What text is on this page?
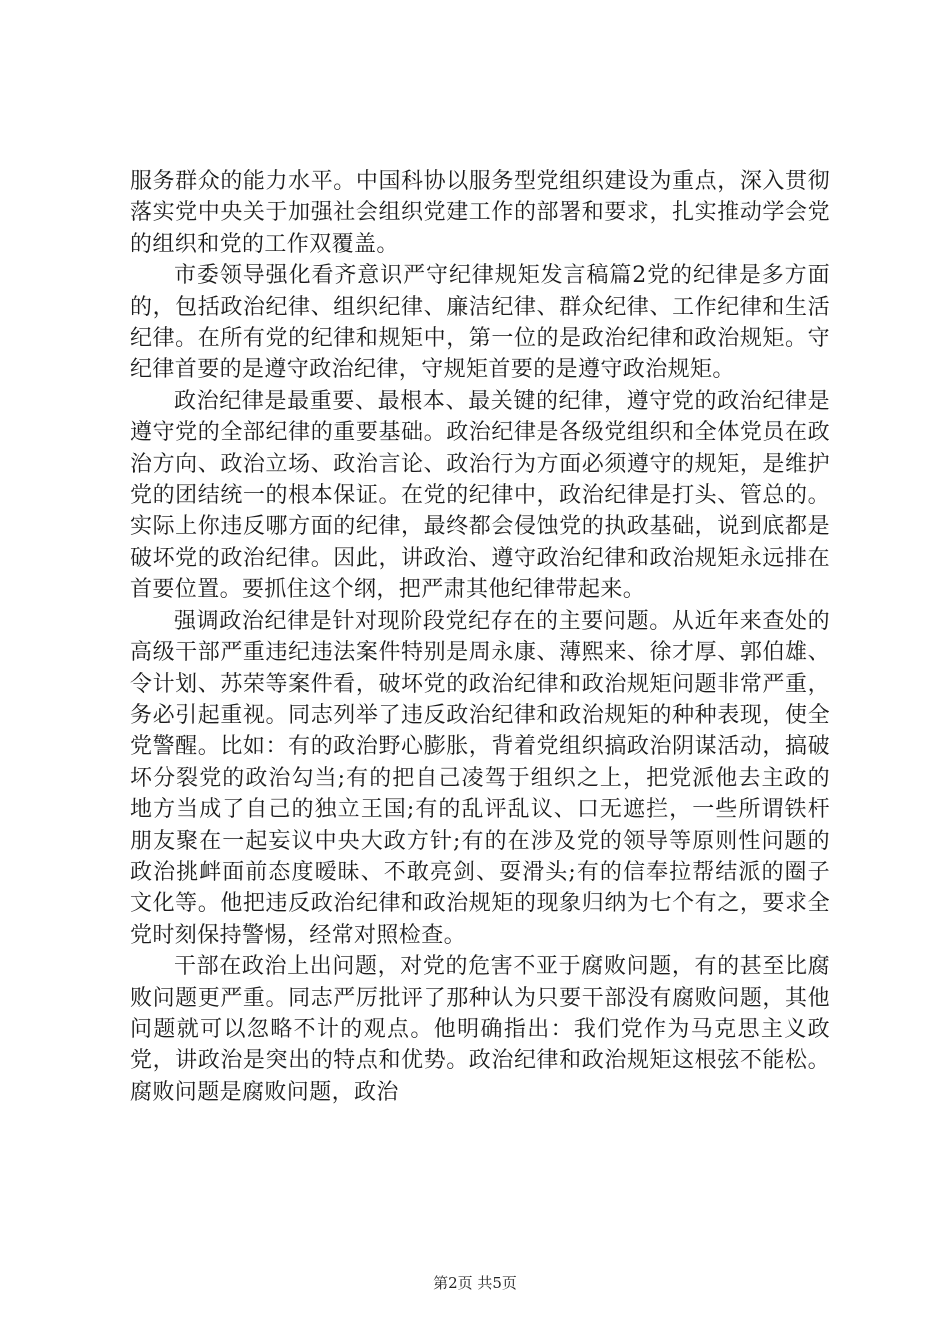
服务群众的能力水平。中国科协以服务型党组织建设为重点，深入贯彻落实党中央关于加强社会组织党建工作的部署和要求，扎实推动学会党的组织和党的工作双覆盖。

市委领导强化看齐意识严守纪律规矩发言稿篇2党的纪律是多方面的，包括政治纪律、组织纪律、廉洁纪律、群众纪律、工作纪律和生活纪律。在所有党的纪律和规矩中，第一位的是政治纪律和政治规矩。守纪律首要的是遵守政治纪律，守规矩首要的是遵守政治规矩。

政治纪律是最重要、最根本、最关键的纪律，遵守党的政治纪律是遵守党的全部纪律的重要基础。政治纪律是各级党组织和全体党员在政治方向、政治立场、政治言论、政治行为方面必须遵守的规矩，是维护党的团结统一的根本保证。在党的纪律中，政治纪律是打头、管总的。实际上你违反哪方面的纪律，最终都会侵蚀党的执政基础，说到底都是破坏党的政治纪律。因此，讲政治、遵守政治纪律和政治规矩永远排在首要位置。要抓住这个纲，把严肃其他纪律带起来。

强调政治纪律是针对现阶段党纪存在的主要问题。从近年来查处的高级干部严重违纪违法案件特别是周永康、薄熙来、徐才厚、郭伯雄、令计划、苏荣等案件看，破坏党的政治纪律和政治规矩问题非常严重，务必引起重视。同志列举了违反政治纪律和政治规矩的种种表现，使全党警醒。比如：有的政治野心膨胀，背着党组织搞政治阴谋活动，搞破坏分裂党的政治勾当;有的把自己凌驾于组织之上，把党派他去主政的地方当成了自己的独立王国;有的乱评乱议、口无遮拦，一些所谓铁杆朋友聚在一起妄议中央大政方针;有的在涉及党的领导等原则性问题的政治挑衅面前态度暧昧、不敢亮剑、耍滑头;有的信奉拉帮结派的圈子文化等。他把违反政治纪律和政治规矩的现象归纳为七个有之，要求全党时刻保持警惕，经常对照检查。

干部在政治上出问题，对党的危害不亚于腐败问题，有的甚至比腐败问题更严重。同志严厉批评了那种认为只要干部没有腐败问题，其他问题就可以忽略不计的观点。他明确指出：我们党作为马克思主义政党，讲政治是突出的特点和优势。政治纪律和政治规矩这根弦不能松。腐败问题是腐败问题，政治

第2页 共5页
